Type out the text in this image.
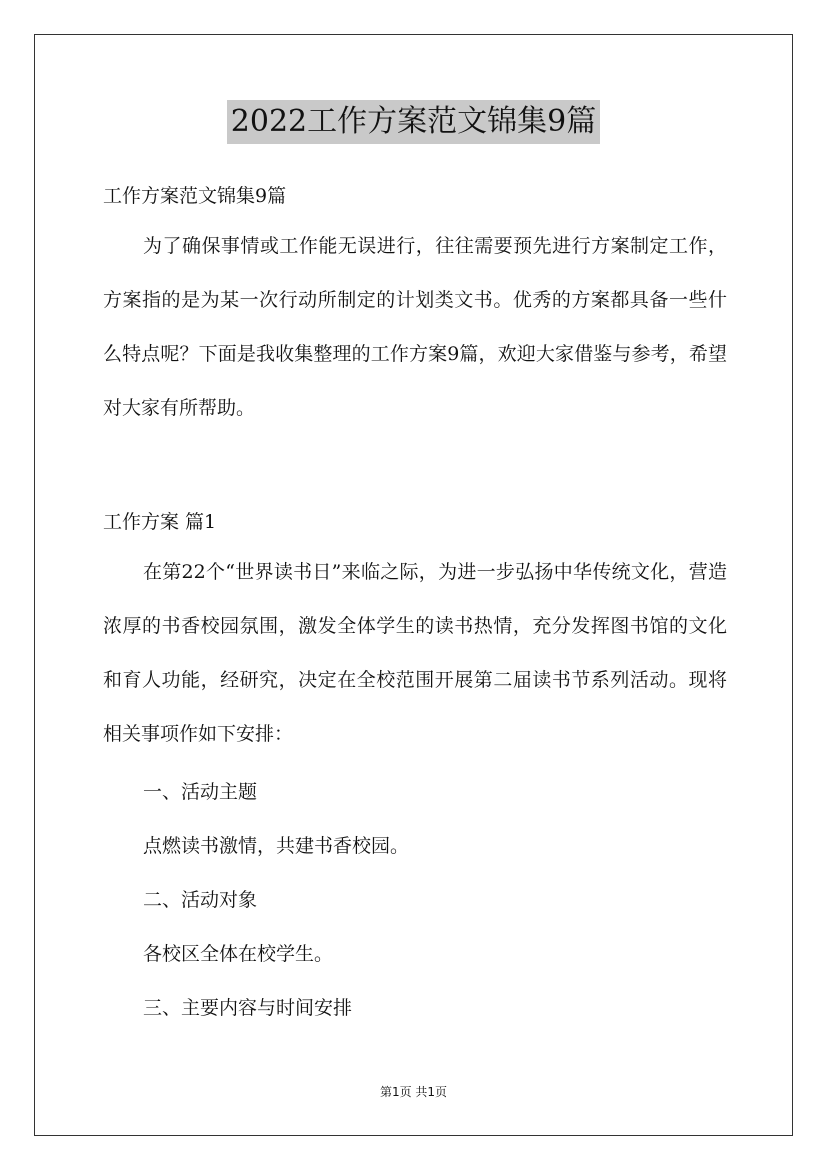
2022工作方案范文锦集9篇
工作方案范文锦集9篇
为了确保事情或工作能无误进行，往往需要预先进行方案制定工作，方案指的是为某一次行动所制定的计划类文书。优秀的方案都具备一些什么特点呢？下面是我收集整理的工作方案9篇，欢迎大家借鉴与参考，希望对大家有所帮助。
工作方案 篇1
在第22个“世界读书日”来临之际，为进一步弘扬中华传统文化，营造浓厚的书香校园氛围，激发全体学生的读书热情，充分发挥图书馆的文化和育人功能，经研究，决定在全校范围开展第二届读书节系列活动。现将相关事项作如下安排：
一、活动主题
点燃读书激情，共建书香校园。
二、活动对象
各校区全体在校学生。
三、主要内容与时间安排
第1页 共1页
